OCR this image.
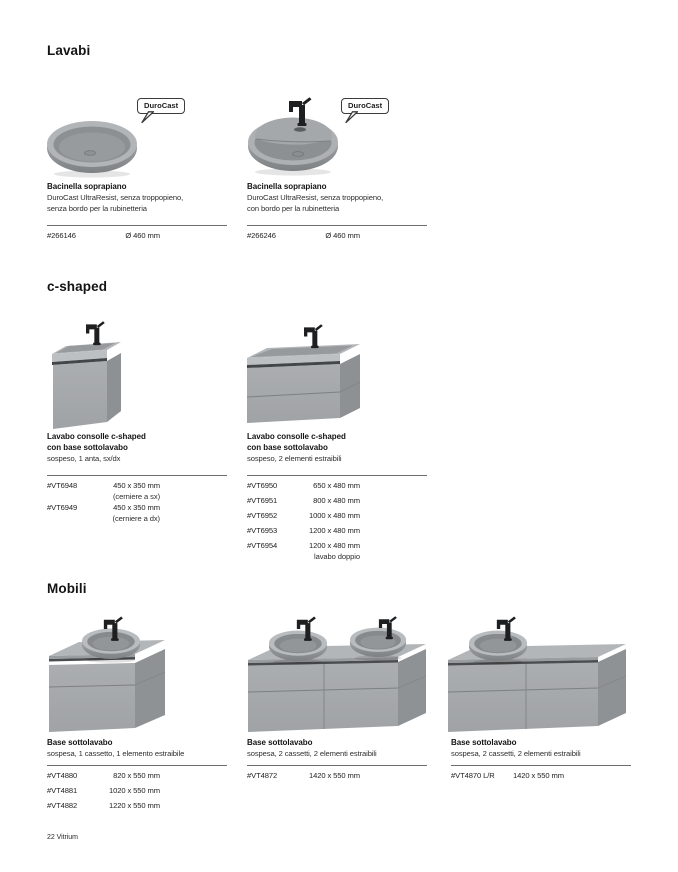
Lavabi
DuroCast	DuroCast
Bacinella soprapiano
DuroCast UltraResist, senza troppopieno,
senza bordo per la rubinetteria
Bacinella soprapiano
DuroCast UltraResist, senza troppopieno,
con bordo per la rubinetteria
#266146	Ø 460 mm	#266246	Ø 460 mm
c-shaped
Lavabo consolle c-shaped
con base sottolavabo
sospeso, 1 anta, sx/dx
Lavabo consolle c-shaped
con base sottolavabo
sospeso, 2 elementi estraibili
#VT6948	450 x 350 mm
(cerniere a sx)
#VT6949	450 x 350 mm
(cerniere a dx)
#VT6950	650 x 480 mm
#VT6951	800 x 480 mm
#VT6952	1000 x 480 mm
#VT6953	1200 x 480 mm
#VT6954	1200 x 480 mm
lavabo doppio
Mobili
Base sottolavabo
sospesa, 1 cassetto, 1 elemento estraibile
Base sottolavabo
sospesa, 2 cassetti, 2 elementi estraibili
Base sottolavabo
sospesa, 2 cassetti, 2 elementi estraibili
#VT4880	820 x 550 mm
#VT4881	1020 x 550 mm
#VT4882	1220 x 550 mm
#VT4872	1420 x 550 mm	#VT4870 L/R 1420 x 550 mm
22 Vitrium
